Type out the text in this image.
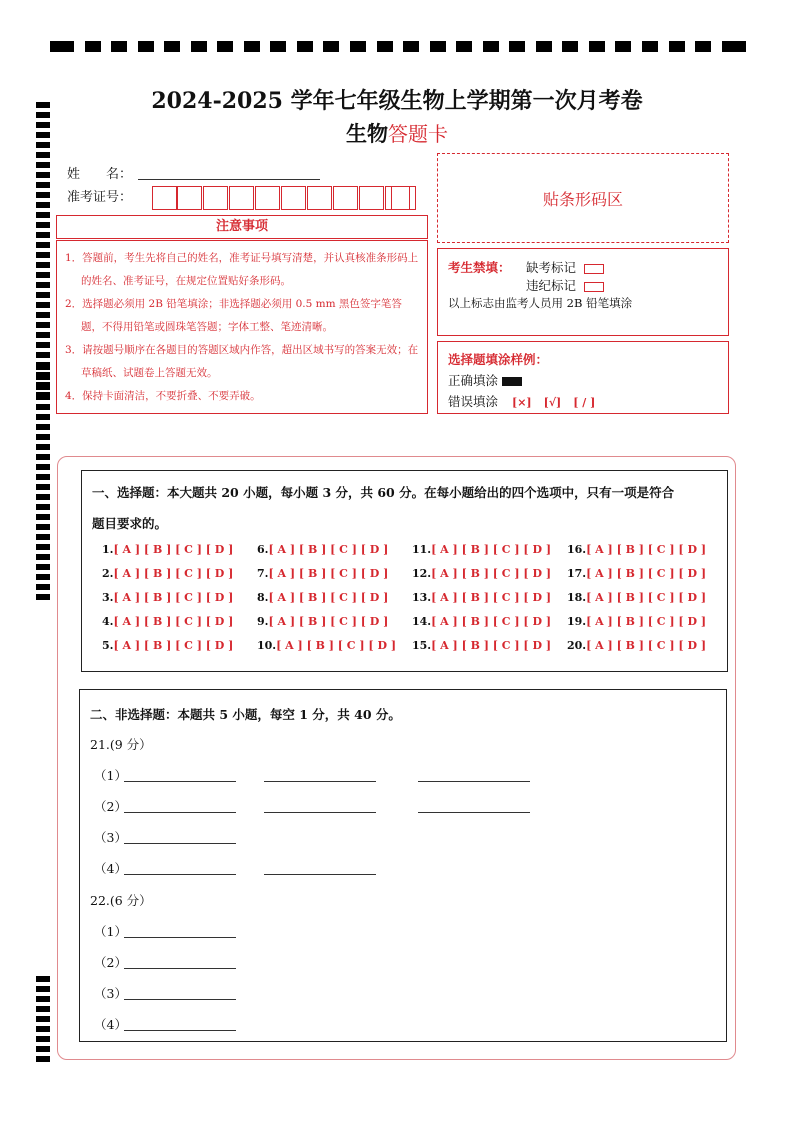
2024-2025 学年七年级生物上学期第一次月考卷
生物答题卡
姓　　名：
准考证号：
注意事项
1．答题前，考生先将自己的姓名，准考证号填写清楚，并认真核准条形码上的姓名、准考证号，在规定位置贴好条形码。
2．选择题必须用 2B 铅笔填涂；非选择题必须用 0.5 mm 黑色签字笔答题，不得用铅笔或圆珠笔答题；字体工整、笔迹清晰。
3．请按题号顺序在各题目的答题区域内作答，超出区域书写的答案无效；在草稿纸、试题卷上答题无效。
4．保持卡面清洁，不要折叠、不要弄破。
贴条形码区
考生禁填： 缺考标记
违纪标记
以上标志由监考人员用 2B 铅笔填涂
选择题填涂样例：
正确填涂
错误填涂 [×] [√] [ / ]
一、选择题：本大题共 20 小题，每小题 3 分，共 60 分。在每小题给出的四个选项中，只有一项是符合
题目要求的。
1.[ A ] [ B ] [ C ] [ D ]
2.[ A ] [ B ] [ C ] [ D ]
3.[ A ] [ B ] [ C ] [ D ]
4.[ A ] [ B ] [ C ] [ D ]
5.[ A ] [ B ] [ C ] [ D ]
6.[ A ] [ B ] [ C ] [ D ]
7.[ A ] [ B ] [ C ] [ D ]
8.[ A ] [ B ] [ C ] [ D ]
9.[ A ] [ B ] [ C ] [ D ]
10.[ A ] [ B ] [ C ] [ D ]
11.[ A ] [ B ] [ C ] [ D ]
12.[ A ] [ B ] [ C ] [ D ]
13.[ A ] [ B ] [ C ] [ D ]
14.[ A ] [ B ] [ C ] [ D ]
15.[ A ] [ B ] [ C ] [ D ]
16.[ A ] [ B ] [ C ] [ D ]
17.[ A ] [ B ] [ C ] [ D ]
18.[ A ] [ B ] [ C ] [ D ]
19.[ A ] [ B ] [ C ] [ D ]
20.[ A ] [ B ] [ C ] [ D ]
二、非选择题：本题共 5 小题，每空 1 分，共 40 分。
21.(9 分）
（1）
（2）
（3）
（4）
22.(6 分）
（1）
（2）
（3）
（4）
